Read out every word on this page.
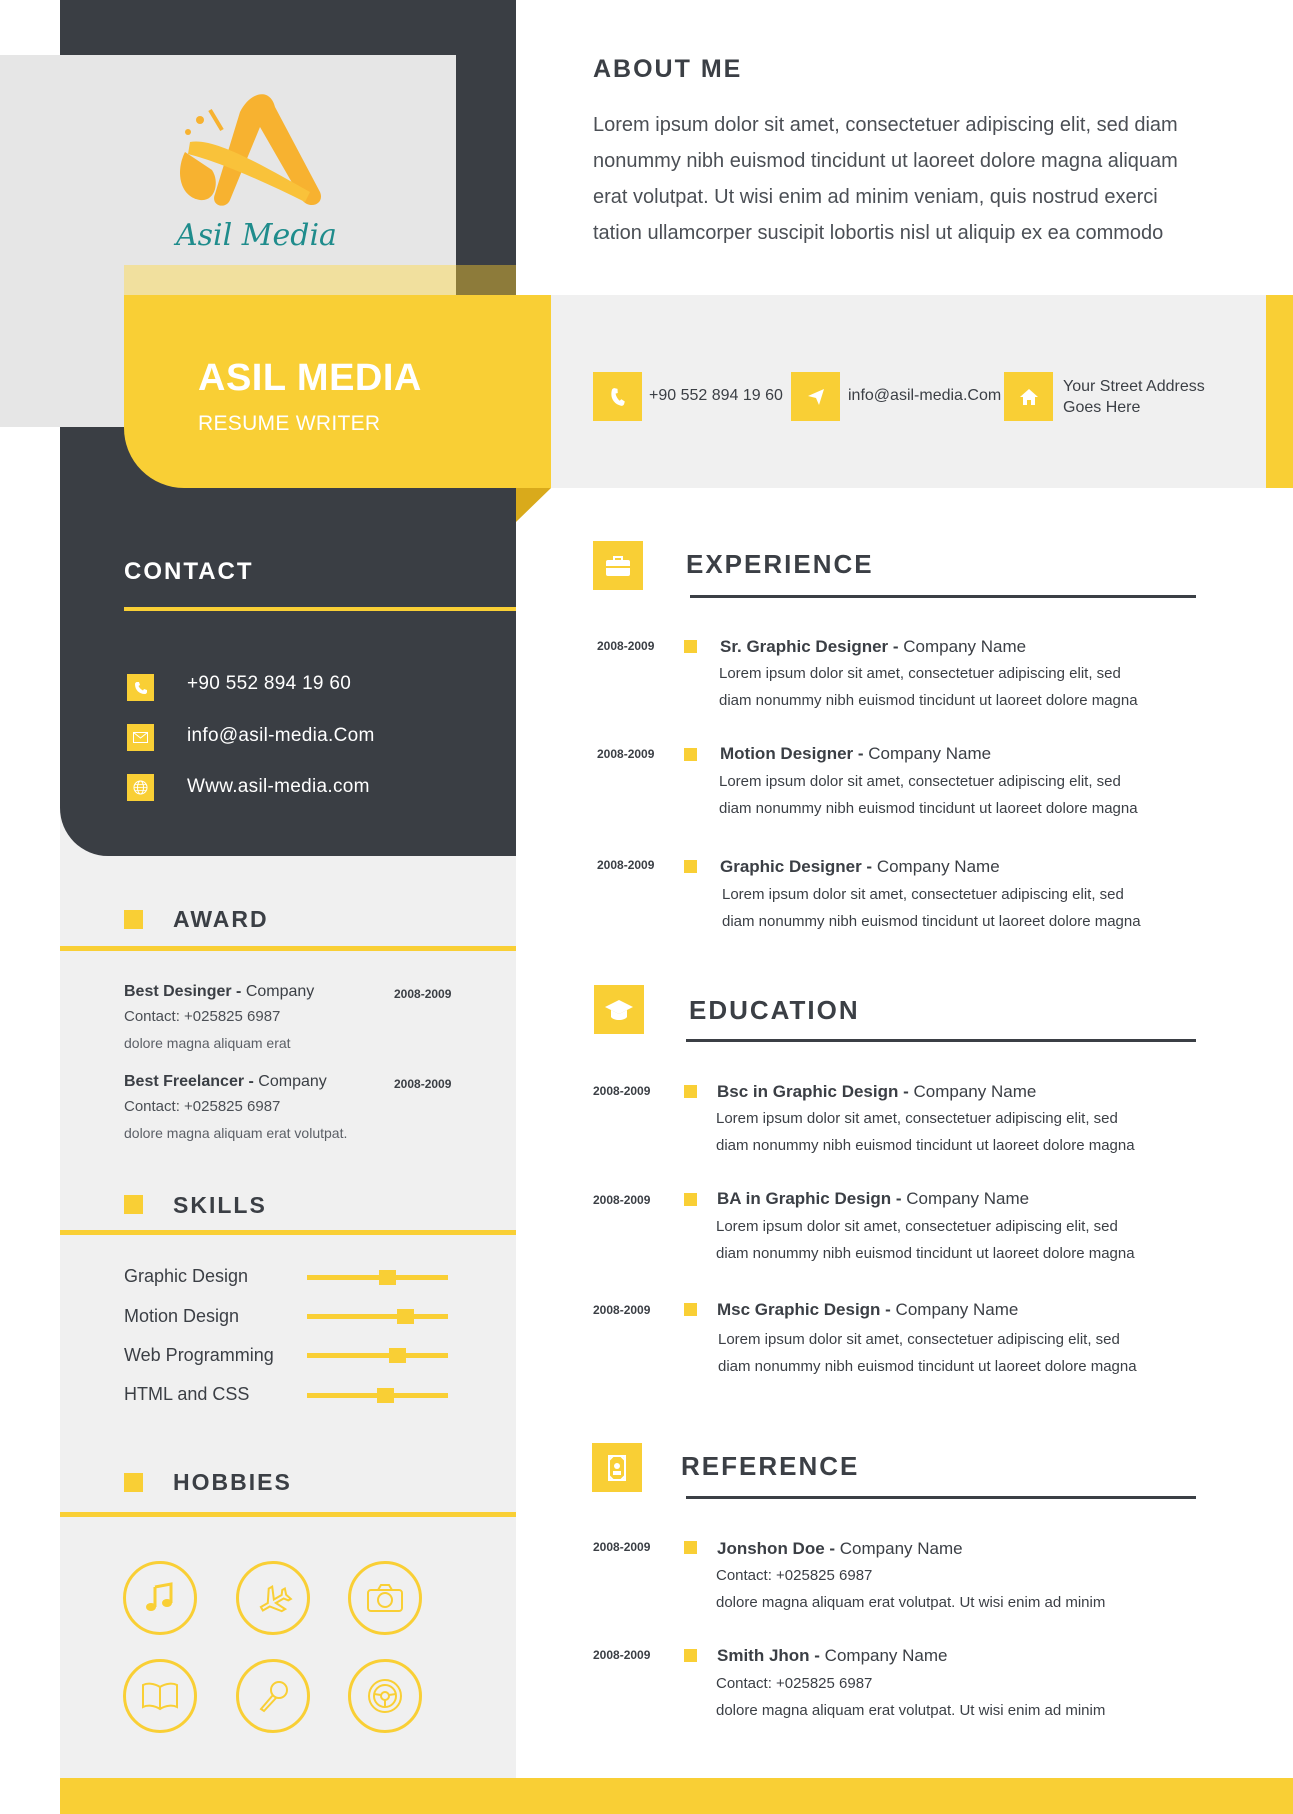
Asil Media
ASIL MEDIA
RESUME WRITER
CONTACT
+90 552 894 19 60
info@asil-media.Com
Www.asil-media.com
AWARD
Best Desinger - Company	2008-2009
Contact: +025825 6987
dolore magna aliquam erat
Best Freelancer - Company	2008-2009
Contact: +025825 6987
dolore magna aliquam erat volutpat.
SKILLS
Graphic Design
Motion Design
Web Programming
HTML and CSS
HOBBIES
ABOUT ME
Lorem ipsum dolor sit amet, consectetuer adipiscing elit, sed diam
nonummy nibh euismod tincidunt ut laoreet dolore magna aliquam
erat volutpat. Ut wisi enim ad minim veniam, quis nostrud exerci
tation ullamcorper suscipit lobortis nisl ut aliquip ex ea commodo
+90 552 894 19 60	info@asil-media.Com
Your Street Address
Goes Here
EXPERIENCE
2008-2009	Sr. Graphic Designer - Company Name
Lorem ipsum dolor sit amet, consectetuer adipiscing elit, sed
diam nonummy nibh euismod tincidunt ut laoreet dolore magna
2008-2009	Motion Designer - Company Name
Lorem ipsum dolor sit amet, consectetuer adipiscing elit, sed
diam nonummy nibh euismod tincidunt ut laoreet dolore magna
2008-2009	Graphic Designer - Company Name
Lorem ipsum dolor sit amet, consectetuer adipiscing elit, sed
diam nonummy nibh euismod tincidunt ut laoreet dolore magna
EDUCATION
2008-2009	Bsc in Graphic Design - Company Name
Lorem ipsum dolor sit amet, consectetuer adipiscing elit, sed
diam nonummy nibh euismod tincidunt ut laoreet dolore magna
2008-2009	BA in Graphic Design - Company Name
Lorem ipsum dolor sit amet, consectetuer adipiscing elit, sed
diam nonummy nibh euismod tincidunt ut laoreet dolore magna
2008-2009	Msc Graphic Design - Company Name
Lorem ipsum dolor sit amet, consectetuer adipiscing elit, sed
diam nonummy nibh euismod tincidunt ut laoreet dolore magna
REFERENCE
2008-2009	Jonshon Doe - Company Name
Contact: +025825 6987
dolore magna aliquam erat volutpat. Ut wisi enim ad minim
2008-2009	Smith Jhon - Company Name
Contact: +025825 6987
dolore magna aliquam erat volutpat. Ut wisi enim ad minim
